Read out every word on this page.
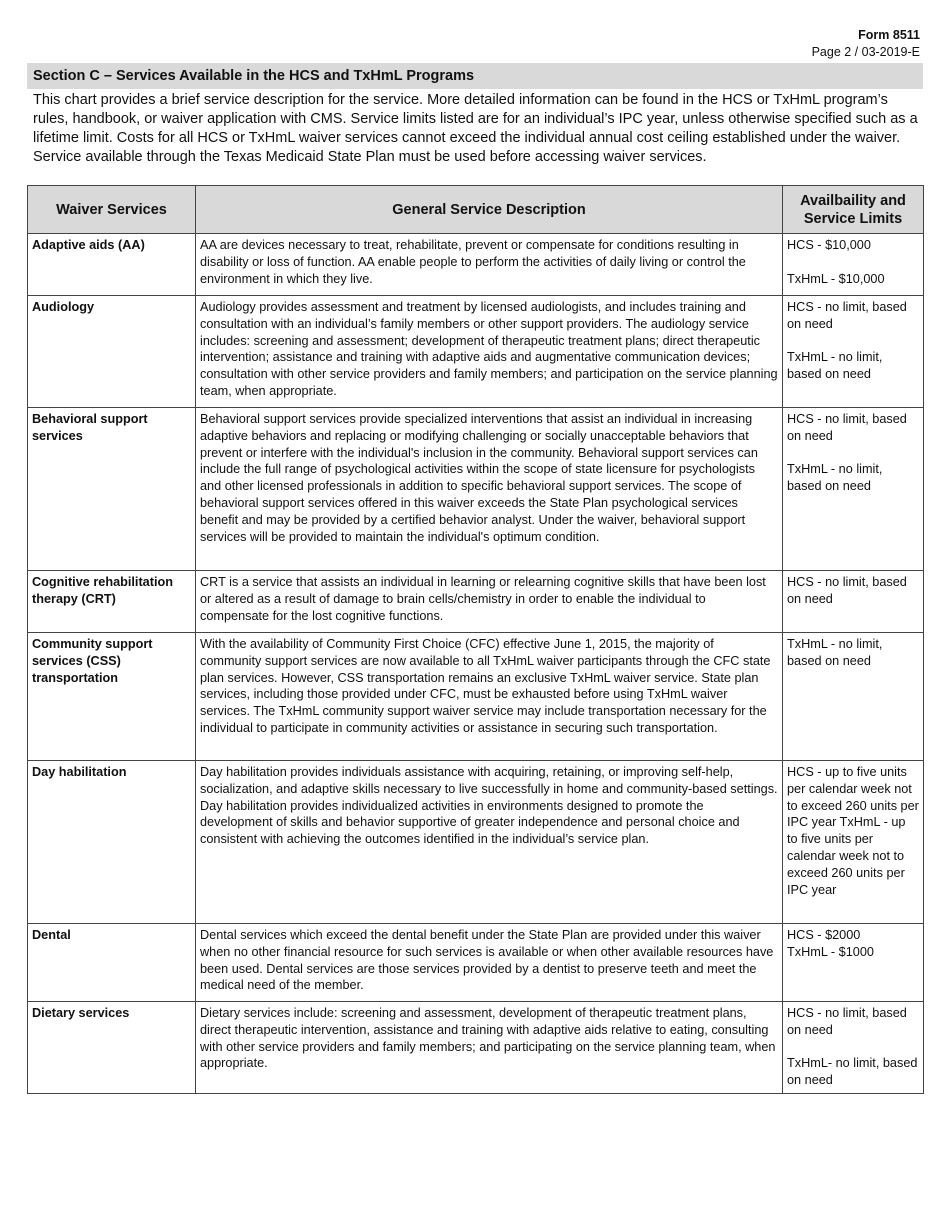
Form 8511
Page 2 / 03-2019-E
Section C – Services Available in the HCS and TxHmL Programs

This chart provides a brief service description for the service. More detailed information can be found in the HCS or TxHmL program’s rules, handbook, or waiver application with CMS. Service limits listed are for an individual’s IPC year, unless otherwise specified such as a lifetime limit. Costs for all HCS or TxHmL waiver services cannot exceed the individual annual cost ceiling established under the waiver. Service available through the Texas Medicaid State Plan must be used before accessing waiver services.

Waiver Services	General Service Description	Availbaility and Service Limits
Adaptive aids (AA)	AA are devices necessary to treat, rehabilitate, prevent or compensate for conditions resulting in disability or loss of function. AA enable people to perform the activities of daily living or control the environment in which they live.	HCS - $10,000
TxHmL - $10,000

Audiology	Audiology provides assessment and treatment by licensed audiologists, and includes training and consultation with an individual’s family members or other support providers. The audiology service includes: screening and assessment; development of therapeutic treatment plans; direct therapeutic intervention; assistance and training with adaptive aids and augmentative communication devices; consultation with other service providers and family members; and participation on the service planning team, when appropriate.	HCS - no limit, based on need
TxHmL - no limit, based on need

Behavioral support services	Behavioral support services provide specialized interventions that assist an individual in increasing adaptive behaviors and replacing or modifying challenging or socially unacceptable behaviors that prevent or interfere with the individual's inclusion in the community. Behavioral support services can include the full range of psychological activities within the scope of state licensure for psychologists and other licensed professionals in addition to specific behavioral support services. The scope of behavioral support services offered in this waiver exceeds the State Plan psychological services benefit and may be provided by a certified behavior analyst. Under the waiver, behavioral support services will be provided to maintain the individual's optimum condition.	HCS - no limit, based on need
TxHmL - no limit, based on need

Cognitive rehabilitation therapy (CRT)	CRT is a service that assists an individual in learning or relearning cognitive skills that have been lost or altered as a result of damage to brain cells/chemistry in order to enable the individual to compensate for the lost cognitive functions.	HCS - no limit, based on need

Community support services (CSS) transportation	With the availability of Community First Choice (CFC) effective June 1, 2015, the majority of community support services are now available to all TxHmL waiver participants through the CFC state plan services. However, CSS transportation remains an exclusive TxHmL waiver service. State plan services, including those provided under CFC, must be exhausted before using TxHmL waiver services. The TxHmL community support waiver service may include transportation necessary for the individual to participate in community activities or assistance in securing such transportation.	TxHmL - no limit, based on need

Day habilitation	Day habilitation provides individuals assistance with acquiring, retaining, or improving self-help, socialization, and adaptive skills necessary to live successfully in home and community-based settings. Day habilitation provides individualized activities in environments designed to promote the development of skills and behavior supportive of greater independence and personal choice and consistent with achieving the outcomes identified in the individual’s service plan.	HCS - up to five units per calendar week not to exceed 260 units per IPC year TxHmL - up to five units per calendar week not to exceed 260 units per IPC year

Dental	Dental services which exceed the dental benefit under the State Plan are provided under this waiver when no other financial resource for such services is available or when other available resources have been used. Dental services are those services provided by a dentist to preserve teeth and meet the medical need of the member.	HCS - $2000
TxHmL - $1000

Dietary services	Dietary services include: screening and assessment, development of therapeutic treatment plans, direct therapeutic intervention, assistance and training with adaptive aids relative to eating, consulting with other service providers and family members; and participating on the service planning team, when appropriate.	HCS - no limit, based on need
TxHmL- no limit, based on need
